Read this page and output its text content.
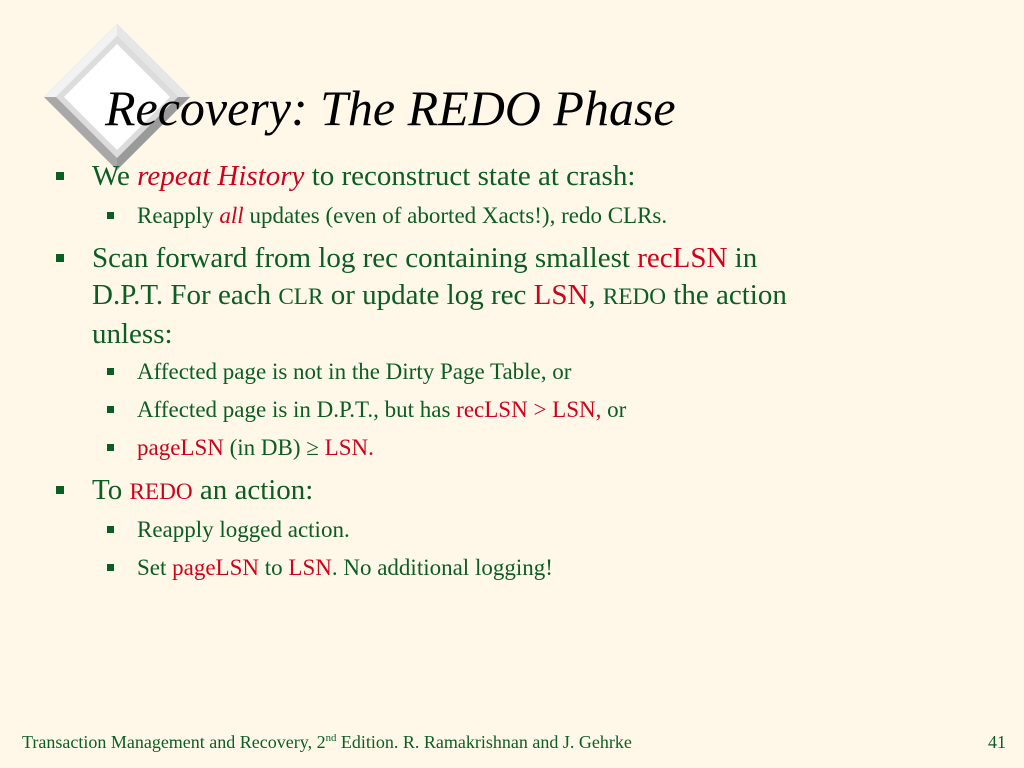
Recovery: The REDO Phase
We repeat History to reconstruct state at crash:
Reapply all updates (even of aborted Xacts!), redo CLRs.
Scan forward from log rec containing smallest recLSN in
D.P.T. For each CLR or update log rec LSN, REDO the action
unless:
Affected page is not in the Dirty Page Table, or
Affected page is in D.P.T., but has recLSN > LSN, or
pageLSN (in DB) ≥ LSN.
To REDO an action:
Reapply logged action.
Set pageLSN to LSN. No additional logging!
Transaction Management and Recovery, 2nd Edition. R. Ramakrishnan and J. Gehrke	41
